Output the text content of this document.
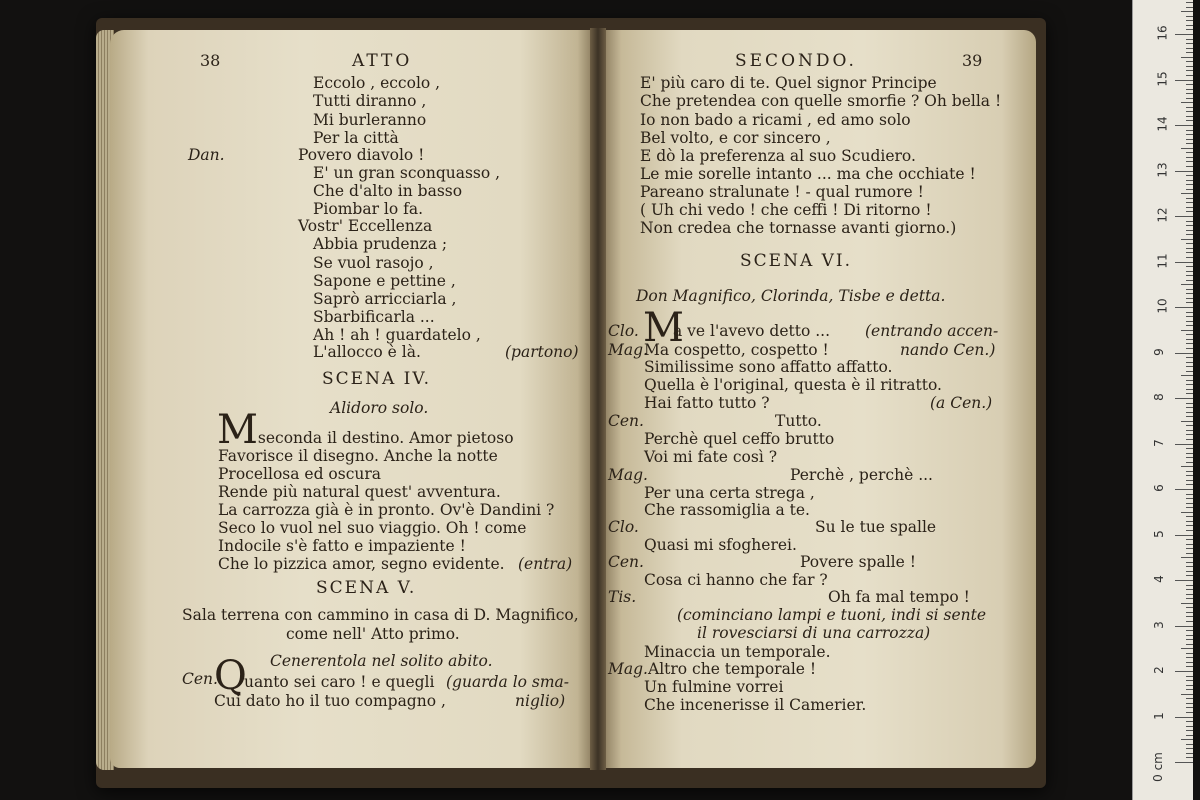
38	ATTO
Eccolo , eccolo ,
Tutti diranno ,
Mi burleranno
Per la città
Dan.	Povero diavolo !
E' un gran sconquasso ,
Che d'alto in basso
Piombar lo fa.
Vostr' Eccellenza
Abbia prudenza ;
Se vuol rasojo ,
Sapone e pettine ,
Saprò arricciarla ,
Sbarbificarla ...
Ah ! ah ! guardatelo ,
L'allocco è là.	(partono)
SCENA IV.
Alidoro solo.
M
i seconda il destino. Amor pietoso
Favorisce il disegno. Anche la notte
Procellosa ed oscura
Rende più natural quest' avventura.
La carrozza già è in pronto. Ov'è Dandini ?
Seco lo vuol nel suo viaggio. Oh ! come
Indocile s'è fatto e impaziente !
Che lo pizzica amor, segno evidente. (entra)
SCENA V.
Sala terrena con cammino in casa di D. Magnifico,
come nell' Atto primo.
Cenerentola nel solito abito.
Cen.
Q
uanto sei caro ! e quegli (guarda lo sma-
Cui dato ho il tuo compagno ,	niglio)
SECONDO.	39
E' più caro di te. Quel signor Principe
Che pretendea con quelle smorfie ? Oh bella !
Io non bado a ricami , ed amo solo
Bel volto, e cor sincero ,
E dò la preferenza al suo Scudiero.
Le mie sorelle intanto ... ma che occhiate !
Pareano stralunate ! - qual rumore !
( Uh chi vedo ! che ceffi ! Di ritorno !
Non credea che tornasse avanti giorno.)
SCENA VI.
Don Magnifico, Clorinda, Tisbe e detta.
Clo. M
a ve l'avevo detto ... (entrando accen-
Mag.
Ma cospetto, cospetto !	nando Cen.)
Similissime sono affatto affatto.
Quella è l'original, questa è il ritratto.
Hai fatto tutto ?	(a Cen.)
Cen.	Tutto.
Perchè quel ceffo brutto
Voi mi fate così ?
Mag.	Perchè , perchè ...
Per una certa strega ,
Che rassomiglia a te.
Clo.	Su le tue spalle
Quasi mi sfogherei.
Cen.	Povere spalle !
Cosa ci hanno che far ?
Tis.	Oh fa mal tempo !
(cominciano lampi e tuoni, indi si sente
il rovesciarsi di una carrozza)
Minaccia un temporale.
Mag. Altro che temporale !
Un fulmine vorrei
Che incenerisse il Camerier.
0 cm
1
2
3
4
5
6
7
8
9
10
11
12
13
14
15
16
